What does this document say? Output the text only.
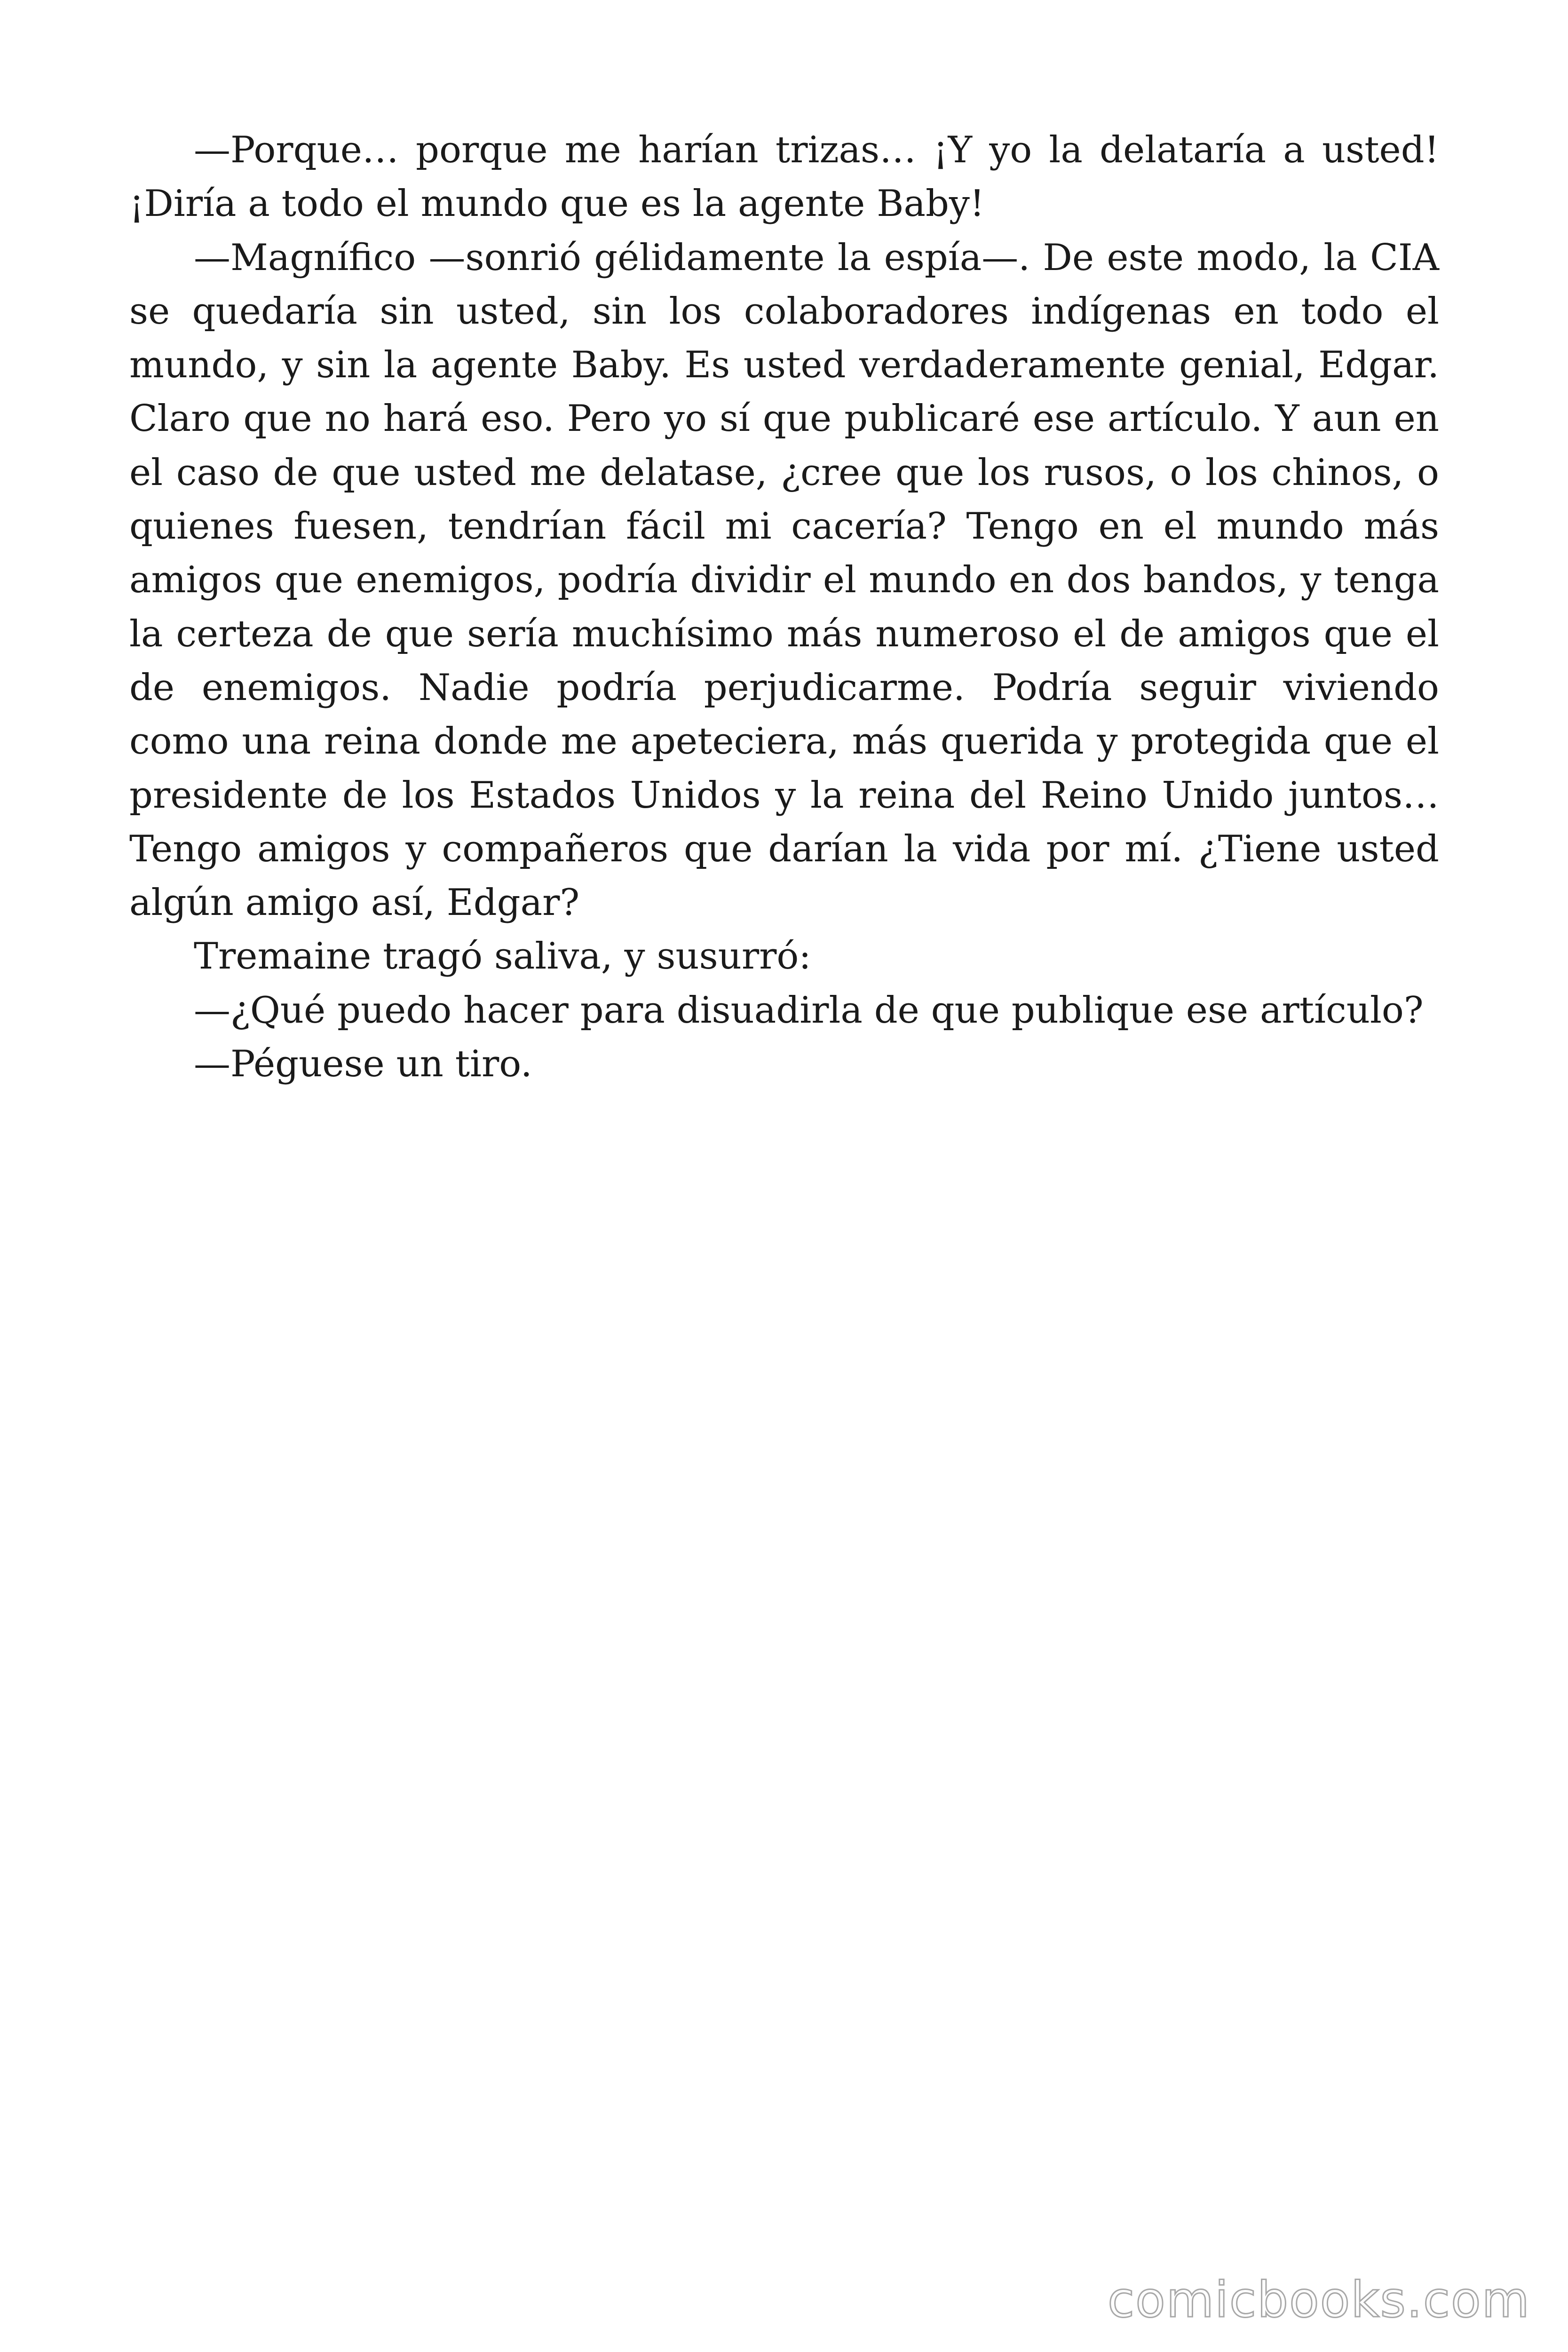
—Porque… porque me harían trizas… ¡Y yo la delataría a usted! ¡Diría a todo el mundo que es la agente Baby!

—Magnífico —sonrió gélidamente la espía—. De este modo, la CIA se quedaría sin usted, sin los colaboradores indígenas en todo el mundo, y sin la agente Baby. Es usted verdaderamente genial, Edgar. Claro que no hará eso. Pero yo sí que publicaré ese artículo. Y aun en el caso de que usted me delatase, ¿cree que los rusos, o los chinos, o quienes fuesen, tendrían fácil mi cacería? Tengo en el mundo más amigos que enemigos, podría dividir el mundo en dos bandos, y tenga la certeza de que sería muchísimo más numeroso el de amigos que el de enemigos. Nadie podría perjudicarme. Podría seguir viviendo como una reina donde me apeteciera, más querida y protegida que el presidente de los Estados Unidos y la reina del Reino Unido juntos… Tengo amigos y compañeros que darían la vida por mí. ¿Tiene usted algún amigo así, Edgar?

Tremaine tragó saliva, y susurró:

—¿Qué puedo hacer para disuadirla de que publique ese artículo?

—Péguese un tiro.

comicbooks.com
